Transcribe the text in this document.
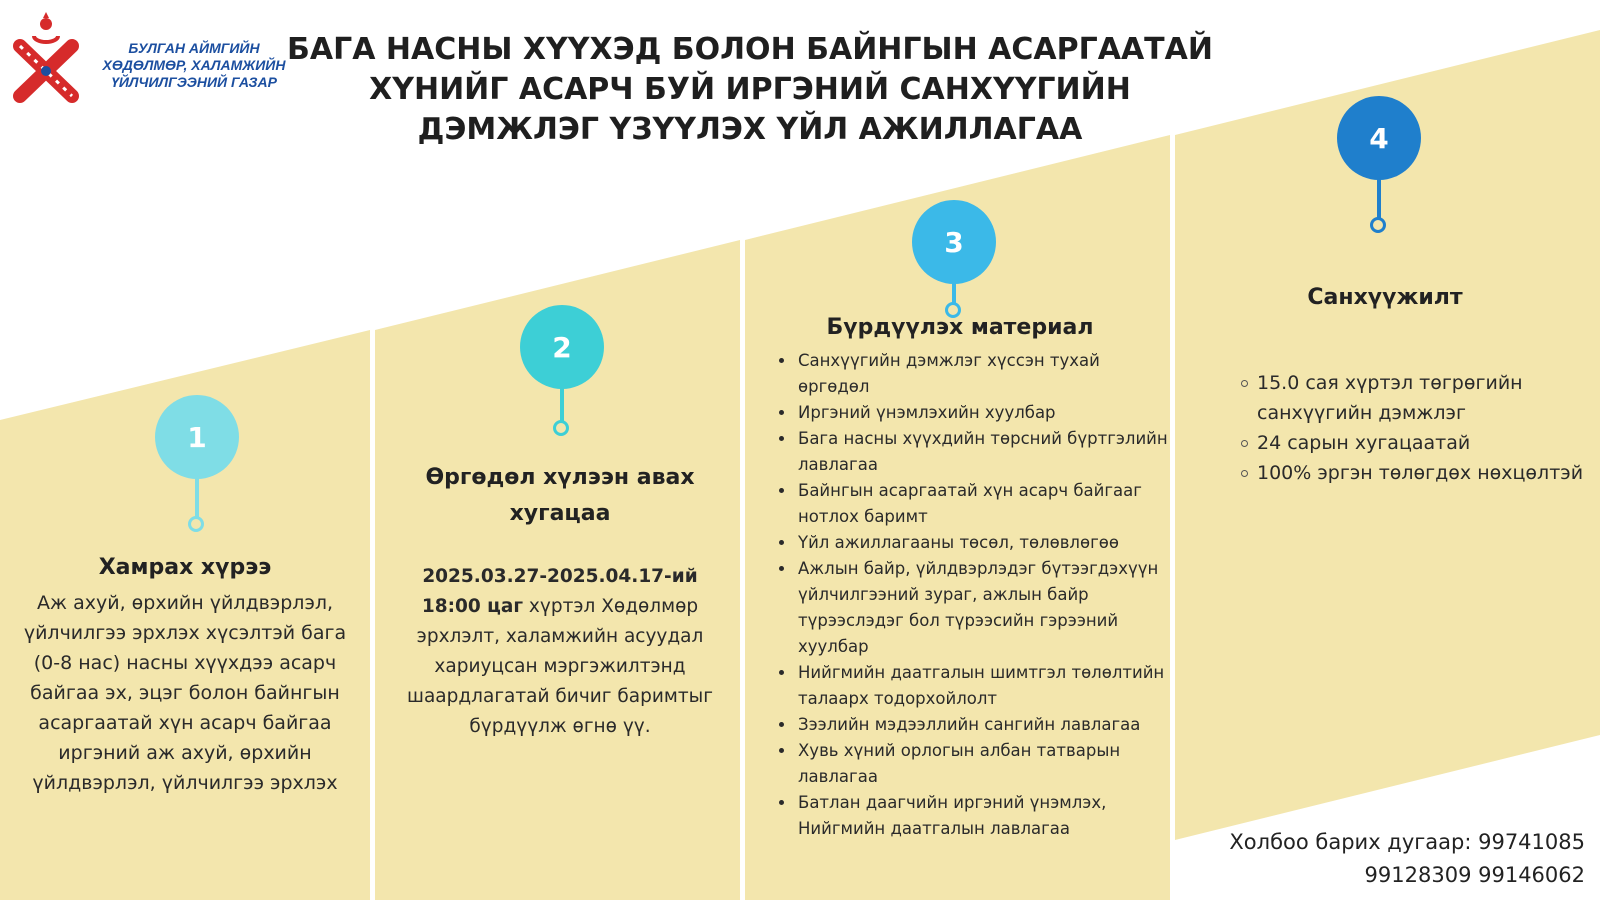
БУЛГАН АЙМГИЙН
ХӨДӨЛМӨР, ХАЛАМЖИЙН
ҮЙЛЧИЛГЭЭНИЙ ГАЗАР
БАГА НАСНЫ ХҮҮХЭД БОЛОН БАЙНГЫН АСАРГААТАЙ
ХҮНИЙГ АСАРЧ БУЙ ИРГЭНИЙ САНХҮҮГИЙН
ДЭМЖЛЭГ ҮЗҮҮЛЭХ ҮЙЛ АЖИЛЛАГАА
1
Хамрах хүрээ
Аж ахуй, өрхийн үйлдвэрлэл, үйлчилгээ эрхлэх хүсэлтэй бага (0-8 нас) насны хүүхдээ асарч байгаа эх, эцэг болон байнгын асаргаатай хүн асарч байгаа иргэний аж ахуй, өрхийн үйлдвэрлэл, үйлчилгээ эрхлэх
2
Өргөдөл хүлээн авах хугацаа
2025.03.27-2025.04.17-ий 18:00 цаг хүртэл Хөдөлмөр эрхлэлт, халамжийн асуудал хариуцсан мэргэжилтэнд шаардлагатай бичиг баримтыг бүрдүүлж өгнө үү.
3
Бүрдүүлэх материал
• Санхүүгийн дэмжлэг хүссэн тухай өргөдөл
• Иргэний үнэмлэхийн хуулбар
• Бага насны хүүхдийн төрсний бүртгэлийн лавлагаа
• Байнгын асаргаатай хүн асарч байгааг нотлох баримт
• Үйл ажиллагааны төсөл, төлөвлөгөө
• Ажлын байр, үйлдвэрлэдэг бүтээгдэхүүн үйлчилгээний зураг, ажлын байр түрээслэдэг бол түрээсийн гэрээний хуулбар
• Нийгмийн даатгалын шимтгэл төлөлтийн талаарх тодорхойлолт
• Зээлийн мэдээллийн сангийн лавлагаа
• Хувь хүний орлогын албан татварын лавлагаа
• Батлан даагчийн иргэний үнэмлэх, Нийгмийн даатгалын лавлагаа
4
Санхүүжилт
15.0 сая хүртэл төгрөгийн санхүүгийн дэмжлэг
24 сарын хугацаатай
100% эргэн төлөгдөх нөхцөлтэй
Холбоо барих дугаар: 99741085
99128309 99146062
